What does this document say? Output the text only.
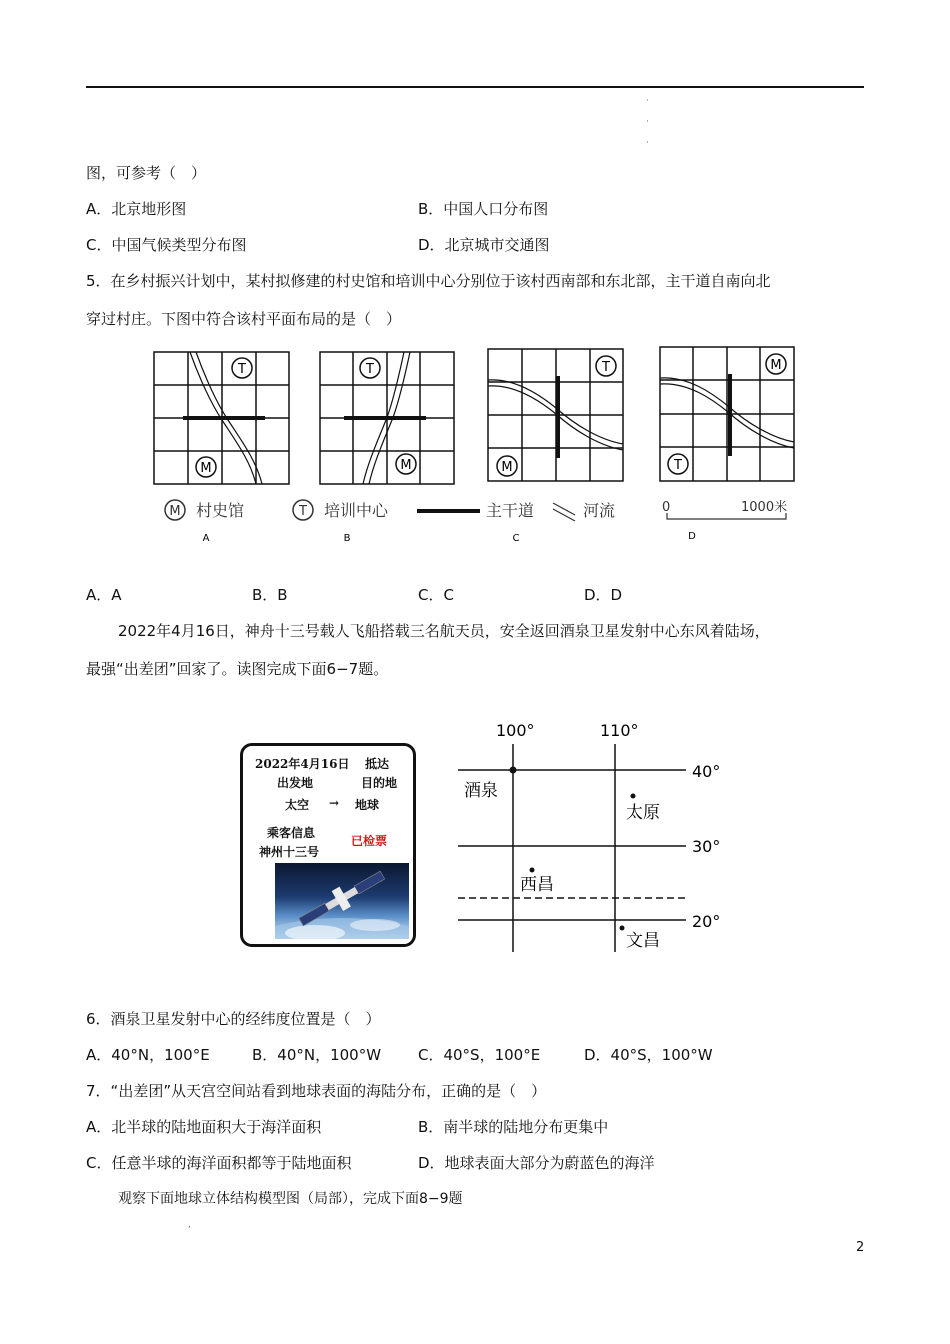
·
·
·
图，可参考（　）
A．北京地形图	B．中国人口分布图
C．中国气候类型分布图	D．北京城市交通图
5．在乡村振兴计划中，某村拟修建的村史馆和培训中心分别位于该村西南部和东北部，主干道自南向北
穿过村庄。下图中符合该村平面布局的是（　）
T
M
T
M
T
M
M
T
M 村史馆	T 培训中心	主干道	河流	0	1000米
A	B	C	D
A．A	B．B	C．C	D．D
2022年4月16日，神舟十三号载人飞船搭载三名航天员，安全返回酒泉卫星发射中心东风着陆场，
最强“出差团”回家了。读图完成下面6−7题。
2022年4月16日 抵达
出发地	目的地
太空 → 地球
乘客信息
已检票
神州十三号
100°	110°
40°
30°
20°
酒泉
太原
西昌
文昌
6．酒泉卫星发射中心的经纬度位置是（　）
A．40°N，100°E	B．40°N，100°W C．40°S，100°E	D．40°S，100°W
7．“出差团”从天宫空间站看到地球表面的海陆分布，正确的是（　）
A．北半球的陆地面积大于海洋面积	B．南半球的陆地分布更集中
C．任意半球的海洋面积都等于陆地面积	D．地球表面大部分为蔚蓝色的海洋
观察下面地球立体结构模型图（局部），完成下面8−9题
,
2
